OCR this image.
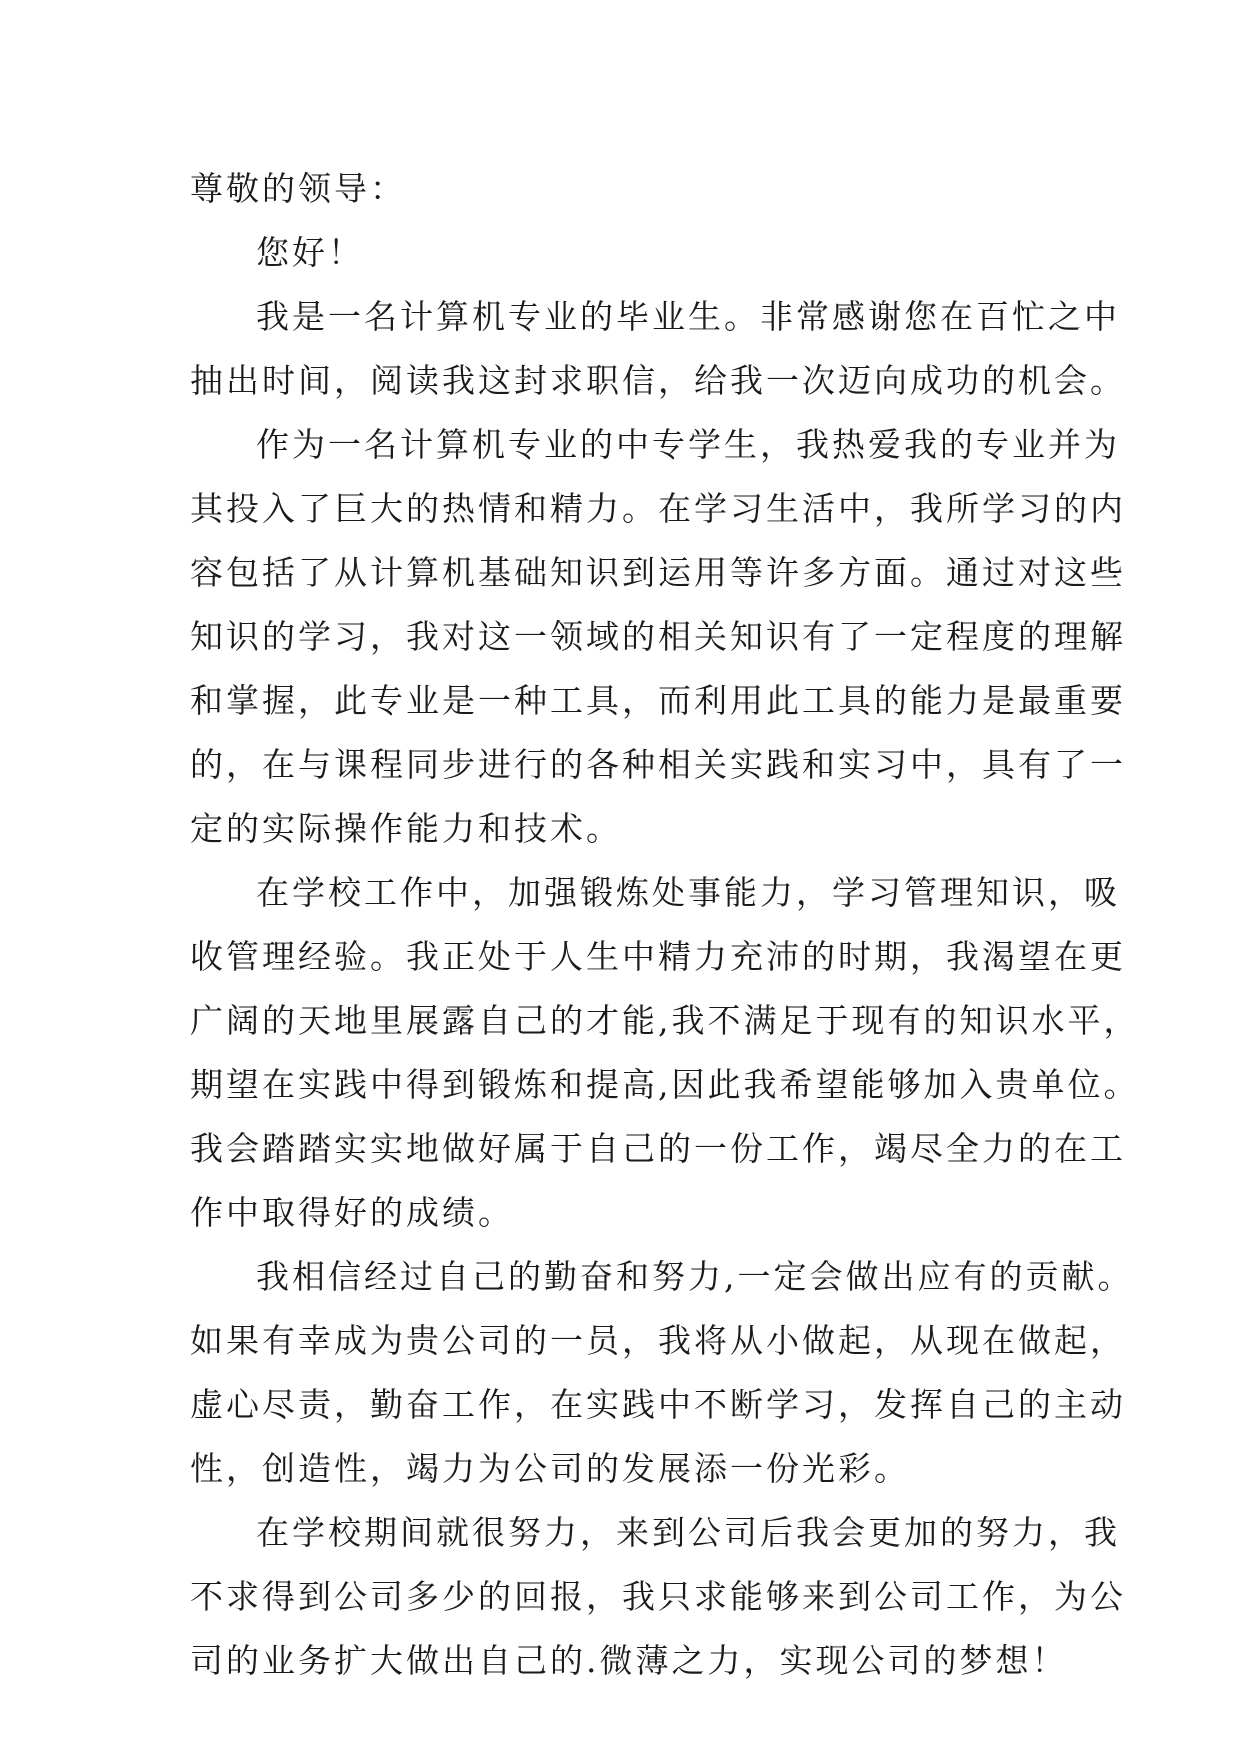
尊敬的领导：
您好！
我是一名计算机专业的毕业生。非常感谢您在百忙之中
抽出时间，阅读我这封求职信，给我一次迈向成功的机会。
作为一名计算机专业的中专学生，我热爱我的专业并为
其投入了巨大的热情和精力。在学习生活中，我所学习的内
容包括了从计算机基础知识到运用等许多方面。通过对这些
知识的学习，我对这一领域的相关知识有了一定程度的理解
和掌握，此专业是一种工具，而利用此工具的能力是最重要
的，在与课程同步进行的各种相关实践和实习中，具有了一
定的实际操作能力和技术。
在学校工作中，加强锻炼处事能力，学习管理知识，吸
收管理经验。我正处于人生中精力充沛的时期，我渴望在更
广阔的天地里展露自己的才能,我不满足于现有的知识水平，
期望在实践中得到锻炼和提高,因此我希望能够加入贵单位。
我会踏踏实实地做好属于自己的一份工作，竭尽全力的在工
作中取得好的成绩。
我相信经过自己的勤奋和努力,一定会做出应有的贡献。
如果有幸成为贵公司的一员，我将从小做起，从现在做起，
虚心尽责，勤奋工作，在实践中不断学习，发挥自己的主动
性，创造性，竭力为公司的发展添一份光彩。
在学校期间就很努力，来到公司后我会更加的努力，我
不求得到公司多少的回报，我只求能够来到公司工作，为公
司的业务扩大做出自己的.微薄之力，实现公司的梦想！
